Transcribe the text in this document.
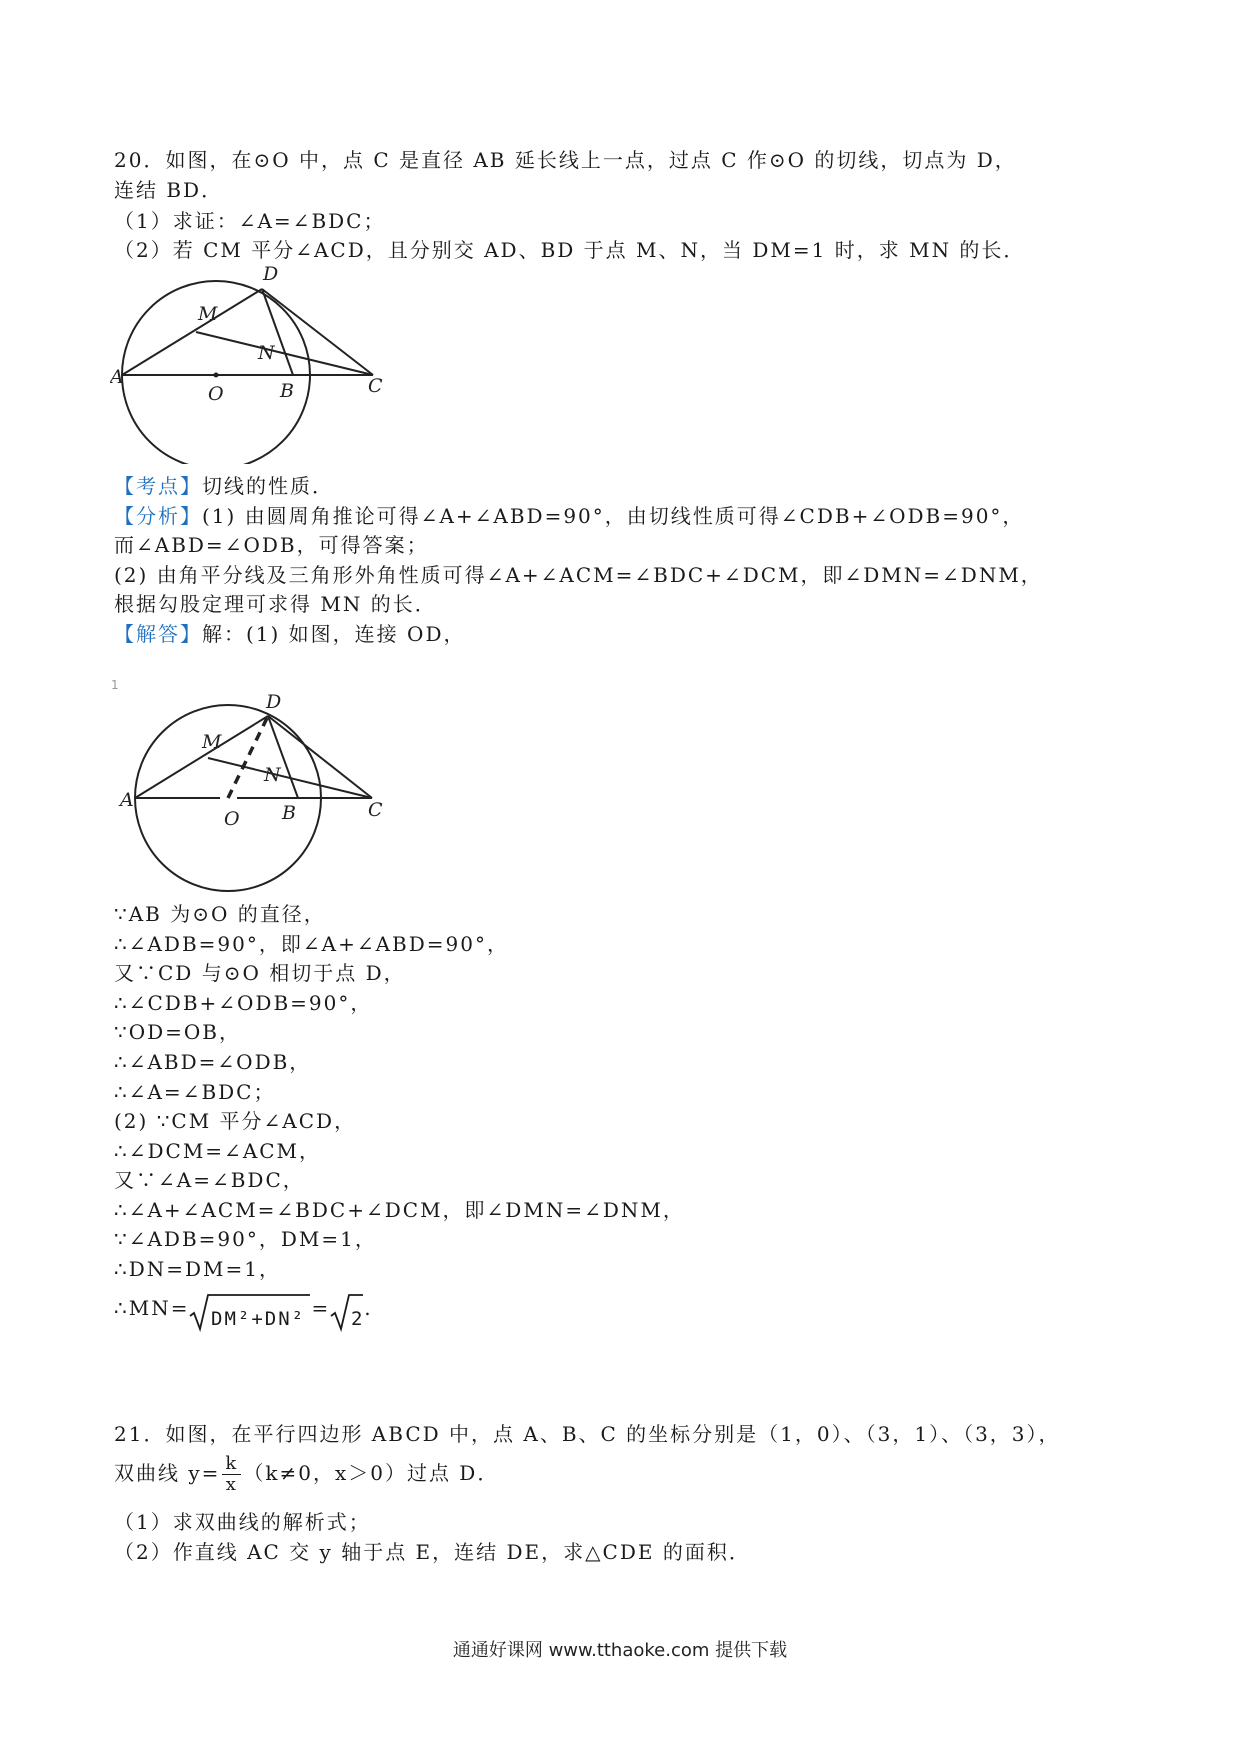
20．如图，在⊙O 中，点 C 是直径 AB 延长线上一点，过点 C 作⊙O 的切线，切点为 D，
连结 BD．
（1）求证：∠A=∠BDC；
（2）若 CM 平分∠ACD，且分别交 AD、BD 于点 M、N，当 DM=1 时，求 MN 的长．
A
O	B	C
D
M
N
【考点】切线的性质．
【分析】(1) 由圆周角推论可得∠A+∠ABD=90°，由切线性质可得∠CDB+∠ODB=90°，
而∠ABD=∠ODB，可得答案；
(2) 由角平分线及三角形外角性质可得∠A+∠ACM=∠BDC+∠DCM，即∠DMN=∠DNM，
根据勾股定理可求得 MN 的长．
【解答】解：(1) 如图，连接 OD，
1
A
O B	C
D
M
N
∵AB 为⊙O 的直径，
∴∠ADB=90°，即∠A+∠ABD=90°，
又∵CD 与⊙O 相切于点 D，
∴∠CDB+∠ODB=90°，
∵OD=OB，
∴∠ABD=∠ODB，
∴∠A=∠BDC；
(2) ∵CM 平分∠ACD，
∴∠DCM=∠ACM，
又∵∠A=∠BDC，
∴∠A+∠ACM=∠BDC+∠DCM，即∠DMN=∠DNM，
∵∠ADB=90°，DM=1，
∴DN=DM=1，
∴MN= DM²+DN² = 2 .
21．如图，在平行四边形 ABCD 中，点 A、B、C 的坐标分别是（1，0）、（3，1）、（3，3），
双曲线 $y= \frac{k}{x} (k\ne 0$，x＞0）过点 D．
（1）求双曲线的解析式；
（2）作直线 AC 交 y 轴于点 E，连结 DE，求△CDE 的面积．
通通好课网 www.tthaoke.com 提供下载
